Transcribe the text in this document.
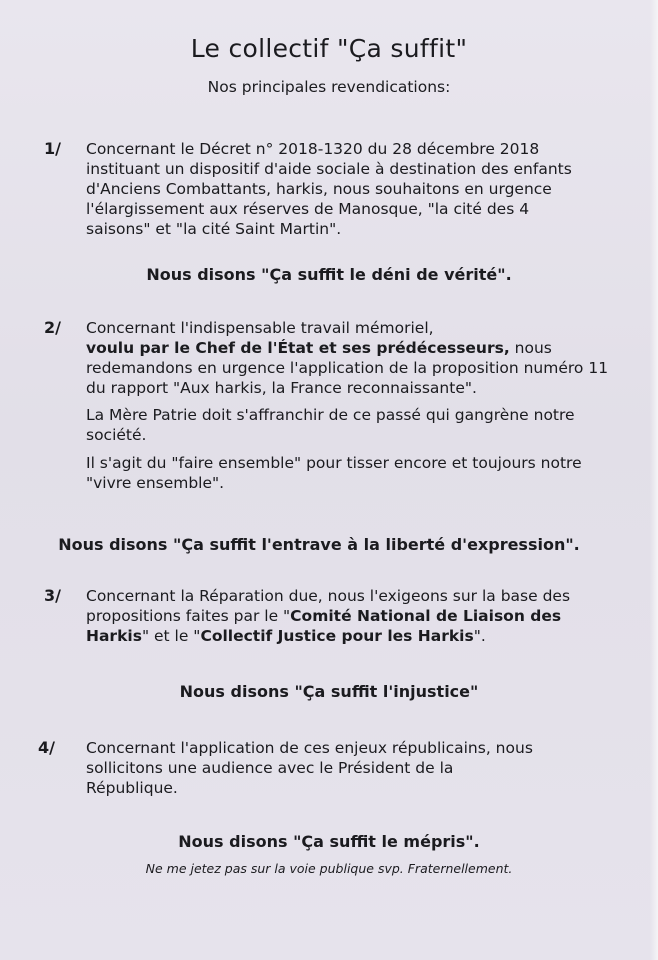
Le collectif "Ça suffit"
Nos principales revendications:
1/ Concernant le Décret n° 2018-1320 du 28 décembre 2018 instituant un dispositif d'aide sociale à destination des enfants d'Anciens Combattants, harkis, nous souhaitons en urgence l'élargissement aux réserves de Manosque, "la cité des 4 saisons" et "la cité Saint Martin".

Nous disons "Ça suffit le déni de vérité".
2/ Concernant l'indispensable travail mémoriel,
voulu par le Chef de l'État et ses prédécesseurs, nous redemandons en urgence l'application de la proposition numéro 11 du rapport "Aux harkis, la France reconnaissante".

La Mère Patrie doit s'affranchir de ce passé qui gangrène notre société.

Il s'agit du "faire ensemble" pour tisser encore et toujours notre "vivre ensemble".

Nous disons "Ça suffit l'entrave à la liberté d'expression".
3/ Concernant la Réparation due, nous l'exigeons sur la base des propositions faites par le "Comité National de Liaison des Harkis" et le "Collectif Justice pour les Harkis".

Nous disons "Ça suffit l'injustice"
4/ Concernant l'application de ces enjeux républicains, nous sollicitons une audience avec le Président de la République.

Nous disons "Ça suffit le mépris".
Ne me jetez pas sur la voie publique svp. Fraternellement.
